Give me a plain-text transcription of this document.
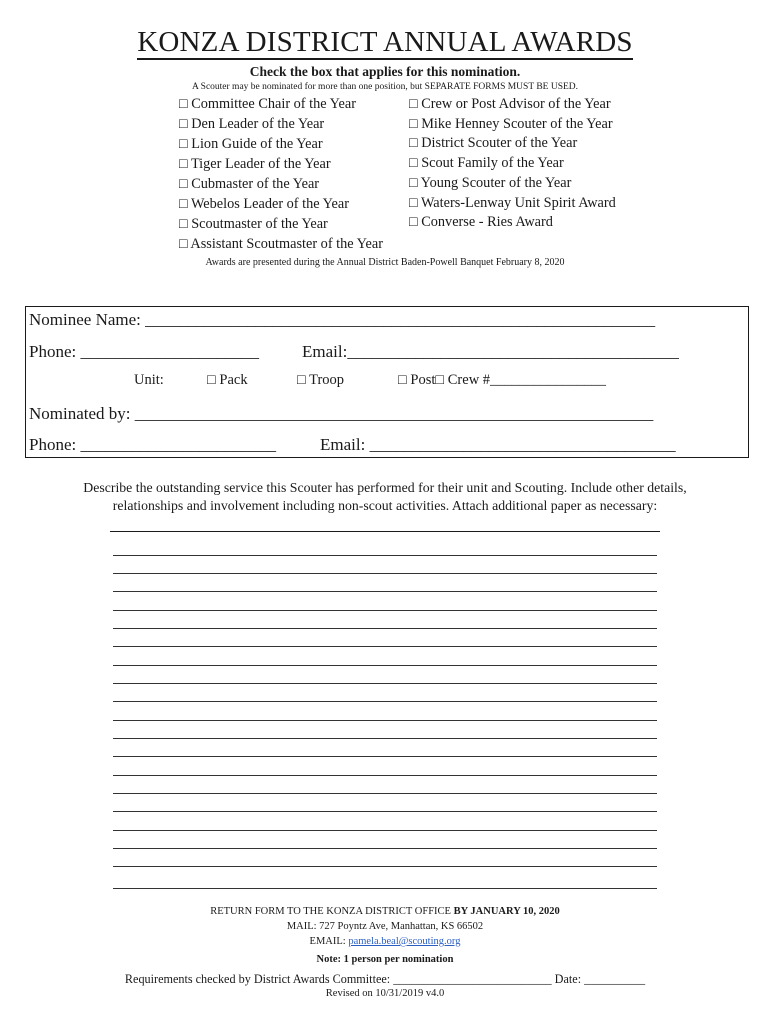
KONZA DISTRICT ANNUAL AWARDS
Check the box that applies for this nomination.
A Scouter may be nominated for more than one position, but SEPARATE FORMS MUST BE USED.
□ Committee Chair of the Year
□ Den Leader of the Year
□ Lion Guide of the Year
□ Tiger Leader of the Year
□ Cubmaster of the Year
□ Webelos Leader of the Year
□ Scoutmaster of the Year
□ Assistant Scoutmaster of the Year
□ Crew or Post Advisor of the Year
□ Mike Henney Scouter of the Year
□ District Scouter of the Year
□ Scout Family of the Year
□ Young Scouter of the Year
□ Waters-Lenway Unit Spirit Award
□ Converse - Ries Award
Awards are presented during the Annual District Baden-Powell Banquet February 8, 2020
Nominee Name: ____________________________________________________________
Phone: _____________________	Email:_______________________________________
Unit:	□ Pack	□ Troop	□ Post□ Crew #________________
Nominated by: _____________________________________________________________
Phone: _______________________	Email: ____________________________________
Describe the outstanding service this Scouter has performed for their unit and Scouting. Include other details,
relationships and involvement including non-scout activities. Attach additional paper as necessary:
RETURN FORM TO THE KONZA DISTRICT OFFICE BY JANUARY 10, 2020
MAIL: 727 Poyntz Ave, Manhattan, KS 66502
EMAIL: pamela.beal@scouting.org
Note: 1 person per nomination
Requirements checked by District Awards Committee: __________________________ Date: __________
Revised on 10/31/2019 v4.0
